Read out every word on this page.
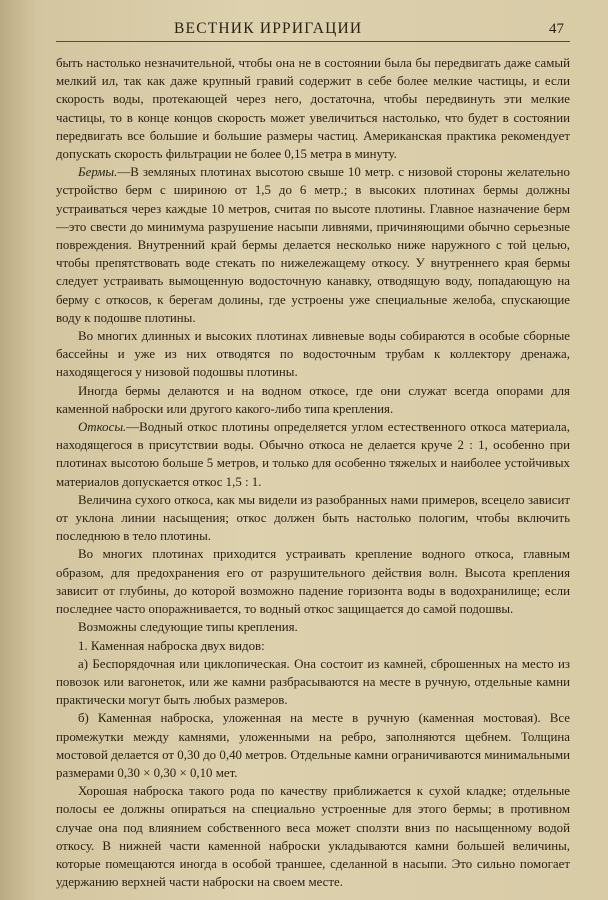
ВЕСТНИК ИРРИГАЦИИ	47

быть настолько незначительной, чтобы она не в состоянии была бы передвигать даже самый мелкий ил, так как даже крупный гравий содержит в себе более мелкие частицы, и если скорость воды, протекающей через него, достаточна, чтобы передвинуть эти мелкие частицы, то в конце концов скорость может увеличиться настолько, что будет в состоянии передвигать все большие и большие размеры частиц. Американская практика рекомендует допускать скорость фильтрации не более 0,15 метра в минуту.

Бермы.—В земляных плотинах высотою свыше 10 метр. с низовой стороны желательно устройство берм с шириною от 1,5 до 6 метр.; в высоких плотинах бермы должны устраиваться через каждые 10 метров, считая по высоте плотины. Главное назначение берм—это свести до минимума разрушение насыпи ливнями, причиняющими обычно серьезные повреждения. Внутренний край бермы делается несколько ниже наружного с той целью, чтобы препятствовать воде стекать по нижележащему откосу. У внутреннего края бермы следует устраивать вымощенную водосточную канавку, отводящую воду, попадающую на берму с откосов, к берегам долины, где устроены уже специальные желоба, спускающие воду к подошве плотины.

Во многих длинных и высоких плотинах ливневые воды собираются в особые сборные бассейны и уже из них отводятся по водосточным трубам к коллектору дренажа, находящегося у низовой подошвы плотины.

Иногда бермы делаются и на водном откосе, где они служат всегда опорами для каменной наброски или другого какого-либо типа крепления.

Откосы.—Водный откос плотины определяется углом естественного откоса материала, находящегося в присутствии воды. Обычно откоса не делается круче 2 : 1, особенно при плотинах высотою больше 5 метров, и только для особенно тяжелых и наиболее устойчивых материалов допускается откос 1,5 : 1.

Величина сухого откоса, как мы видели из разобранных нами примеров, всецело зависит от уклона линии насыщения; откос должен быть настолько пологим, чтобы включить последнюю в тело плотины.

Во многих плотинах приходится устраивать крепление водного откоса, главным образом, для предохранения его от разрушительного действия волн. Высота крепления зависит от глубины, до которой возможно падение горизонта воды в водохранилище; если последнее часто опоражнивается, то водный откос защищается до самой подошвы.

Возможны следующие типы крепления.

1. Каменная наброска двух видов:

а) Беспорядочная или циклопическая. Она состоит из камней, сброшенных на место из повозок или вагонеток, или же камни разбрасываются на месте в ручную, отдельные камни практически могут быть любых размеров.

б) Каменная наброска, уложенная на месте в ручную (каменная мостовая). Все промежутки между камнями, уложенными на ребро, заполняются щебнем. Толщина мостовой делается от 0,30 до 0,40 метров. Отдельные камни ограничиваются минимальными размерами 0,30 × 0,30 × 0,10 мет.

Хорошая наброска такого рода по качеству приближается к сухой кладке; отдельные полосы ее должны опираться на специально устроенные для этого бермы; в противном случае она под влиянием собственного веса может сползти вниз по насыщенному водой откосу. В нижней части каменной наброски укладываются камни большей величины, которые помещаются иногда в особой траншее, сделанной в насыпи. Это сильно помогает удержанию верхней части наброски на своем месте.
